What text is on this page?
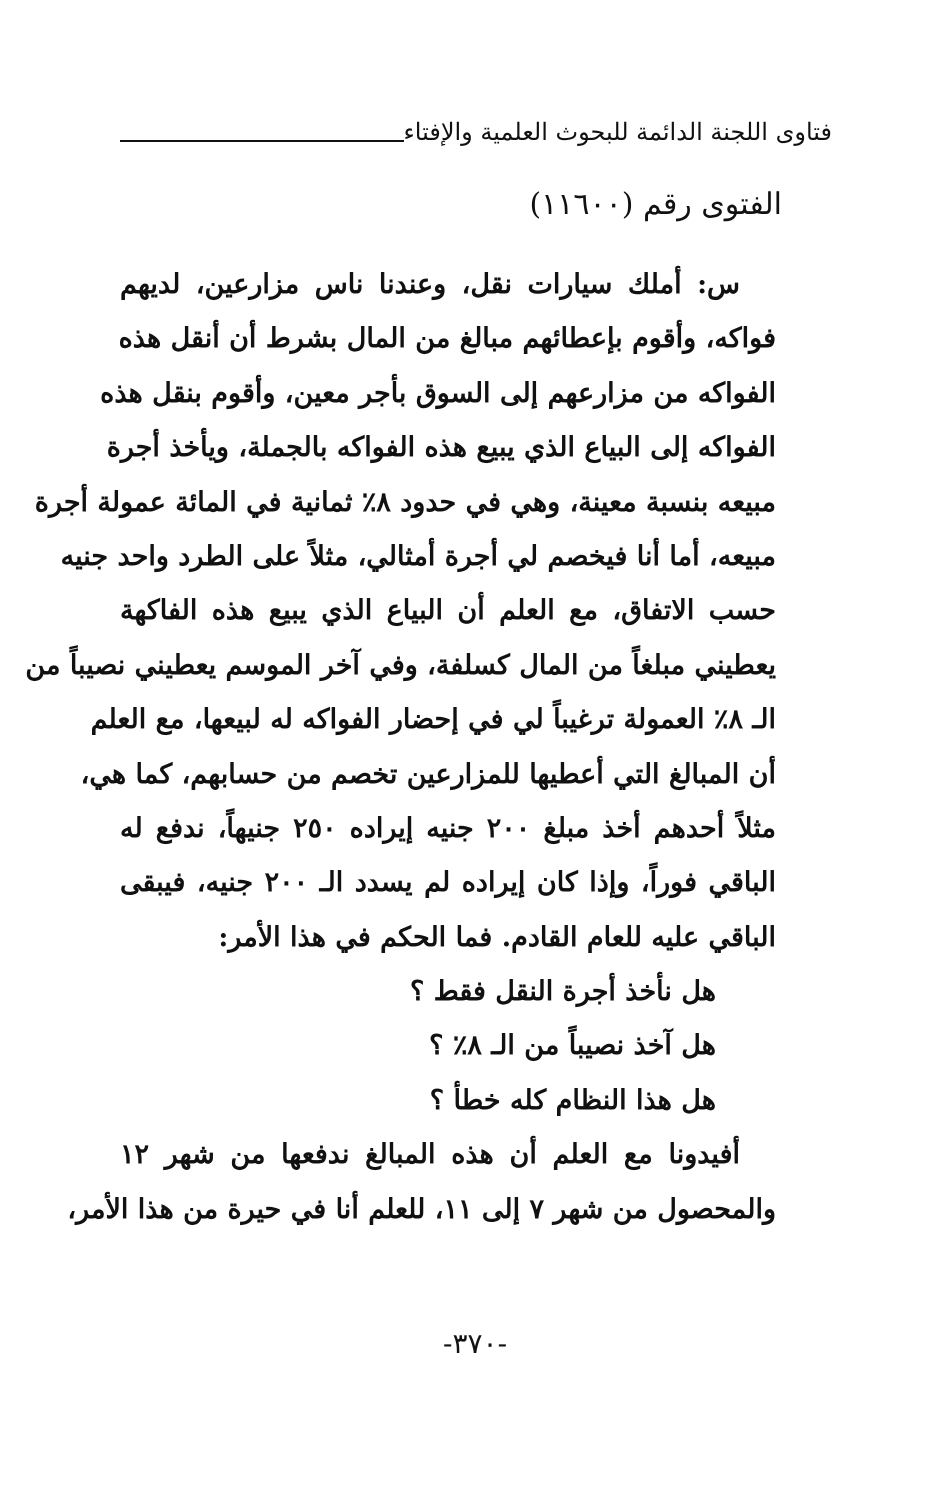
فتاوى اللجنة الدائمة للبحوث العلمية والإفتاء
الفتوى رقم (١١٦٠٠)
س: أملك سيارات نقل، وعندنا ناس مزارعين، لديهم
فواكه، وأقوم بإعطائهم مبالغ من المال بشرط أن أنقل هذه
الفواكه من مزارعهم إلى السوق بأجر معين، وأقوم بنقل هذه
الفواكه إلى البياع الذي يبيع هذه الفواكه بالجملة، ويأخذ أجرة
مبيعه بنسبة معينة، وهي في حدود ٨٪ ثمانية في المائة عمولة أجرة
مبيعه، أما أنا فيخصم لي أجرة أمثالي، مثلاً على الطرد واحد جنيه
حسب الاتفاق، مع العلم أن البياع الذي يبيع هذه الفاكهة
يعطيني مبلغاً من المال كسلفة، وفي آخر الموسم يعطيني نصيباً من
الـ ٨٪ العمولة ترغيباً لي في إحضار الفواكه له لبيعها، مع العلم
أن المبالغ التي أعطيها للمزارعين تخصم من حسابهم، كما هي،
مثلاً أحدهم أخذ مبلغ ٢٠٠ جنيه إيراده ٢٥٠ جنيهاً، ندفع له
الباقي فوراً، وإذا كان إيراده لم يسدد الـ ٢٠٠ جنيه، فيبقى
الباقي عليه للعام القادم. فما الحكم في هذا الأمر:
هل نأخذ أجرة النقل فقط ؟
هل آخذ نصيباً من الـ ٨٪ ؟
هل هذا النظام كله خطأ ؟
أفيدونا مع العلم أن هذه المبالغ ندفعها من شهر ١٢
والمحصول من شهر ٧ إلى ١١، للعلم أنا في حيرة من هذا الأمر،
-٣٧٠-
